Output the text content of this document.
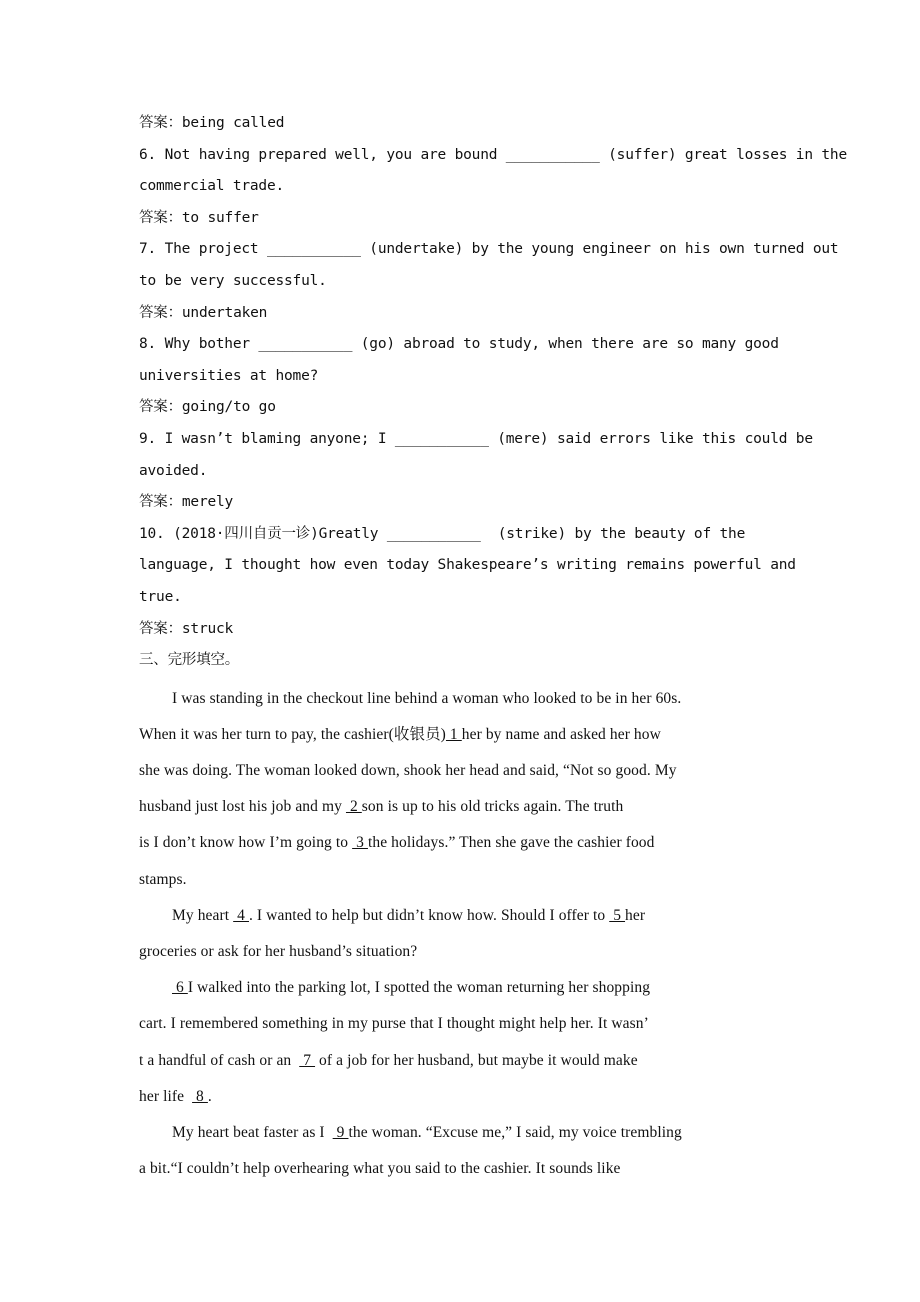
答案：being called
6. Not having prepared well, you are bound ___________ (suffer) great losses in the
commercial trade.
答案：to suffer
7. The project ___________ (undertake) by the young engineer on his own turned out
to be very successful.
答案：undertaken
8. Why bother ___________ (go) abroad to study, when there are so many good
universities at home?
答案：going/to go
9. I wasn’t blaming anyone; I ___________ (mere) said errors like this could be
avoided.
答案：merely
10. (2018·四川自贡一诊)Greatly ___________  (strike) by the beauty of the
language, I thought how even today Shakespeare’s writing remains powerful and
true.
答案：struck
三、完形填空。
I was standing in the checkout line behind a woman who looked to be in her 60s.
When it was her turn to pay, the cashier(收银员) 1 her by name and asked her how
she was doing. The woman looked down, shook her head and said, “Not so good. My
husband just lost his job and my  2 son is up to his old tricks again. The truth
is I don’t know how I’m going to  3 the holidays.” Then she gave the cashier food
stamps.
My heart  4 . I wanted to help but didn’t know how. Should I offer to  5 her
groceries or ask for her husband’s situation?
6 I walked into the parking lot, I spotted the woman returning her shopping
cart. I remembered something in my purse that I thought might help her. It wasn’
t a handful of cash or an   7  of a job for her husband, but maybe it would make
her life   8 .
My heart beat faster as I   9 the woman. “Excuse me,” I said, my voice trembling
a bit.“I couldn’t help overhearing what you said to the cashier. It sounds like
